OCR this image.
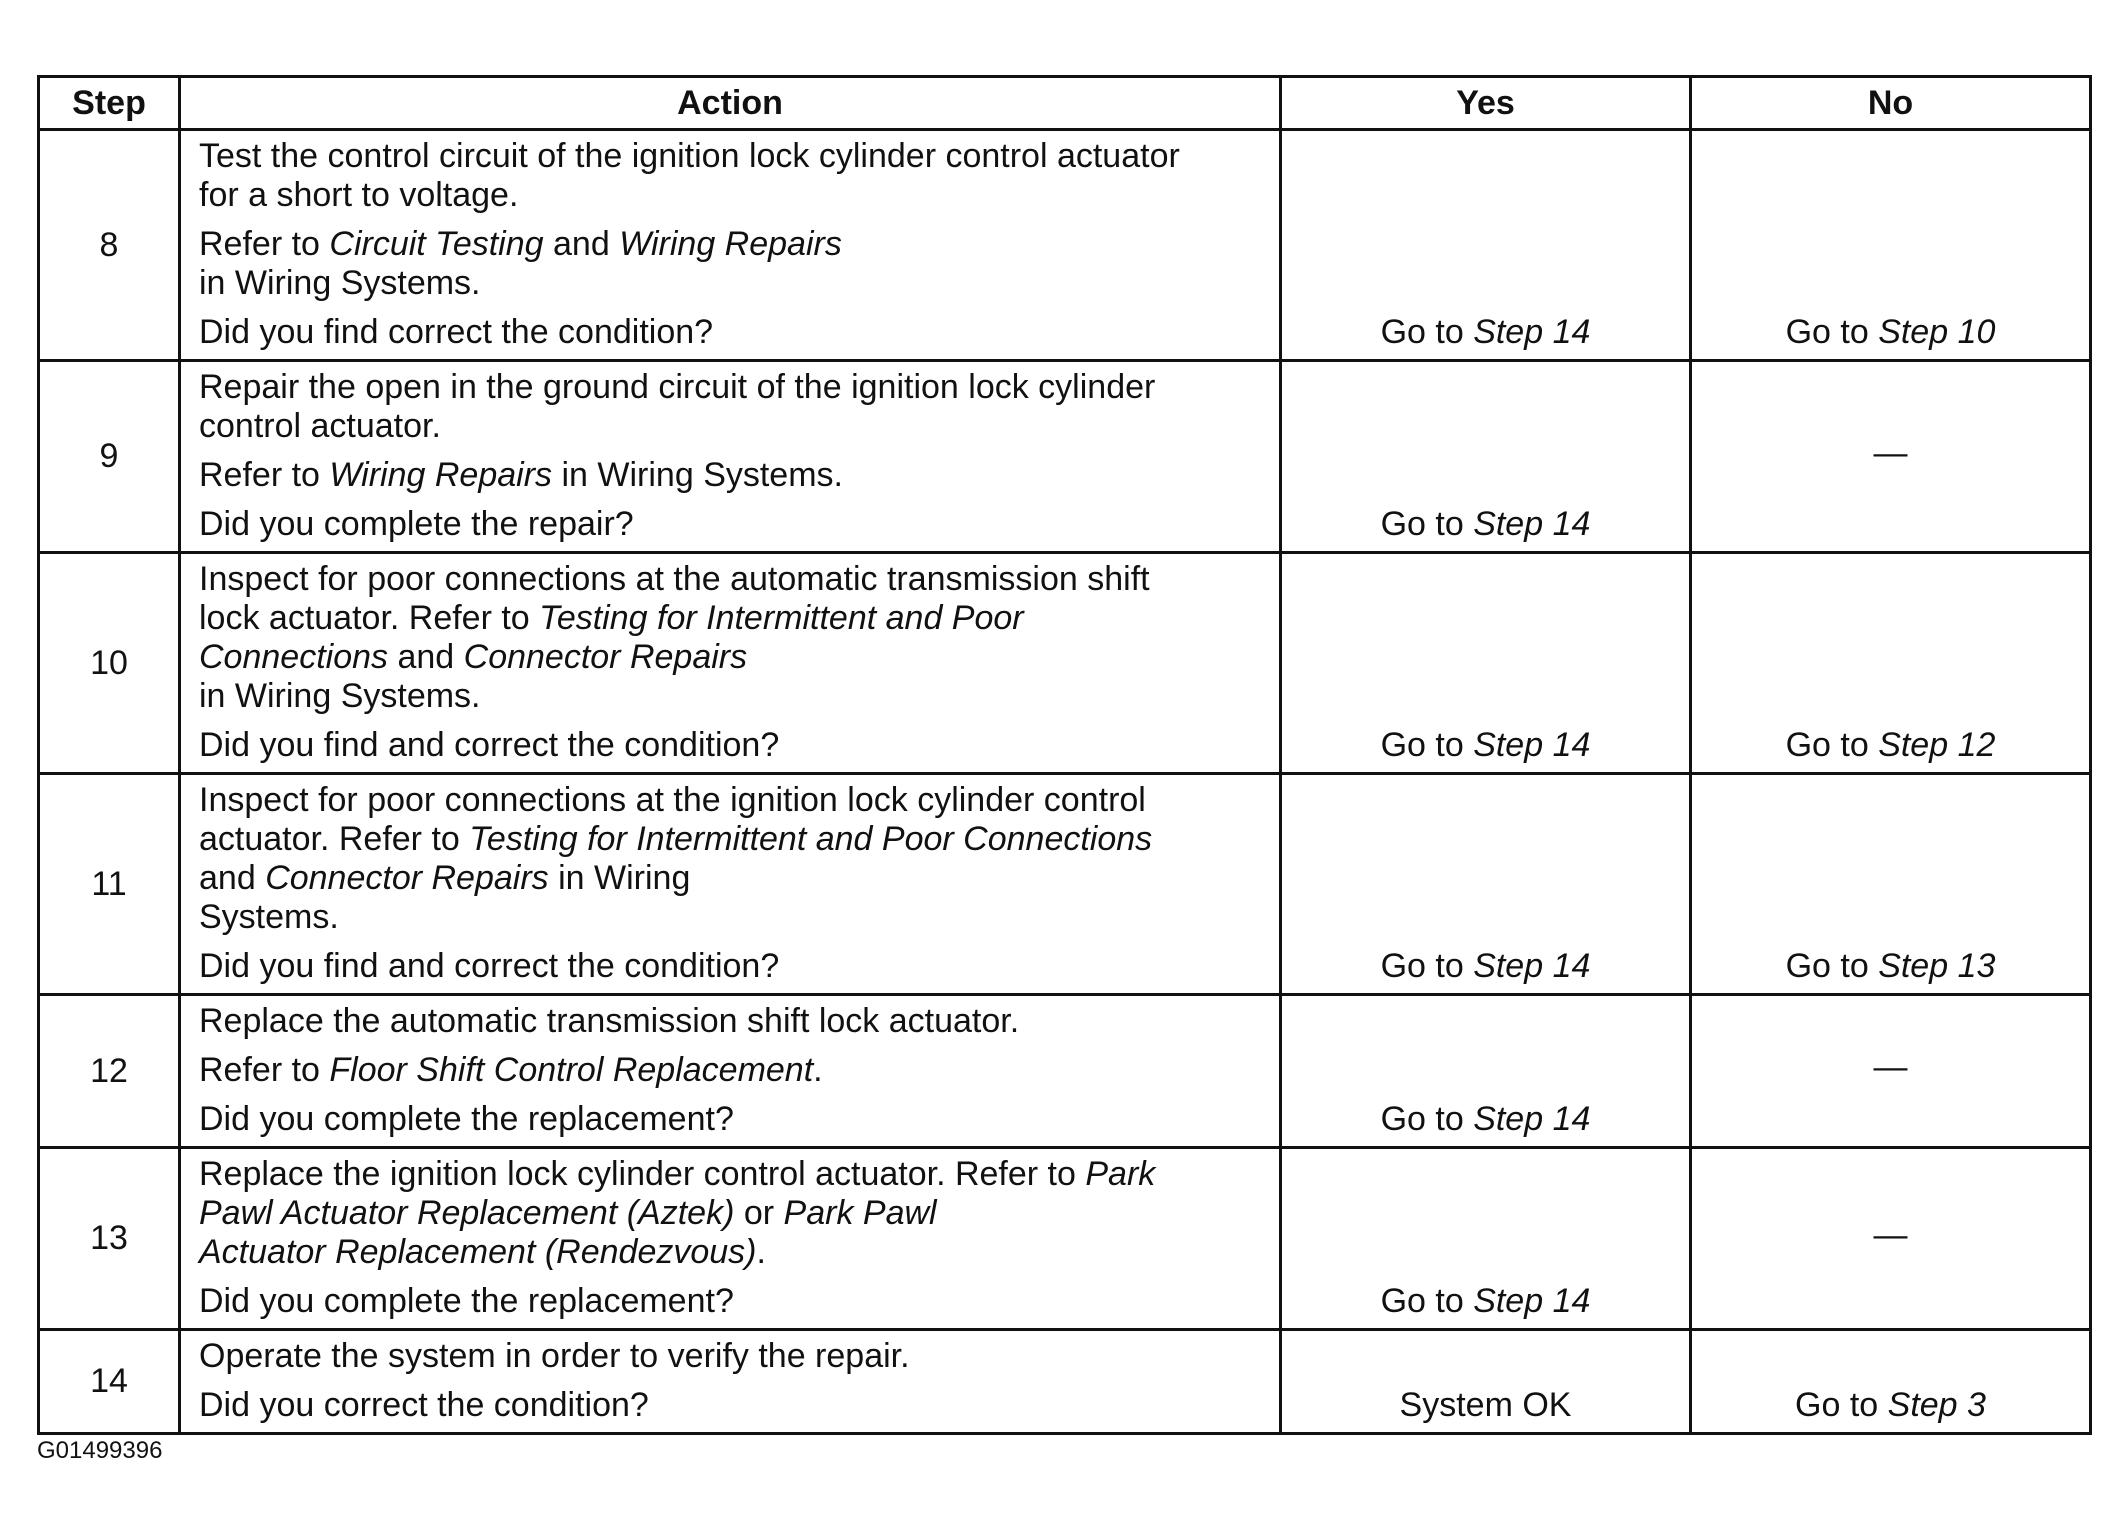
Step	Action	Yes	No
8	Test the control circuit of the ignition lock cylinder control actuator
for a short to voltage.
Refer to Circuit Testing and Wiring Repairs
in Wiring Systems.
Did you find correct the condition?	Go to Step 14	Go to Step 10
9	Repair the open in the ground circuit of the ignition lock cylinder
control actuator.
Refer to Wiring Repairs in Wiring Systems.
Did you complete the repair?	Go to Step 14	—
10	Inspect for poor connections at the automatic transmission shift
lock actuator. Refer to Testing for Intermittent and Poor
Connections and Connector Repairs
in Wiring Systems.
Did you find and correct the condition?	Go to Step 14	Go to Step 12
11	Inspect for poor connections at the ignition lock cylinder control
actuator. Refer to Testing for Intermittent and Poor Connections
and Connector Repairs in Wiring
Systems.
Did you find and correct the condition?	Go to Step 14	Go to Step 13
12	Replace the automatic transmission shift lock actuator.
Refer to Floor Shift Control Replacement.
Did you complete the replacement?	Go to Step 14	—
13	Replace the ignition lock cylinder control actuator. Refer to Park
Pawl Actuator Replacement (Aztek) or Park Pawl
Actuator Replacement (Rendezvous).
Did you complete the replacement?	Go to Step 14	—
14	Operate the system in order to verify the repair.
Did you correct the condition?	System OK	Go to Step 3
G01499396
